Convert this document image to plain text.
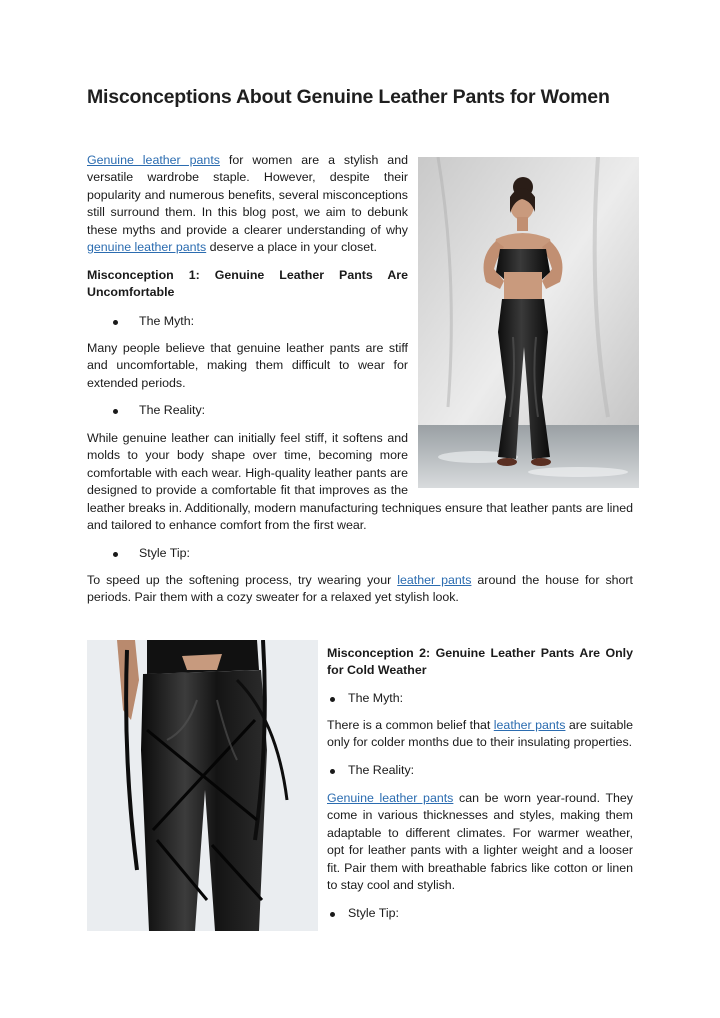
Misconceptions About Genuine Leather Pants for Women

Genuine leather pants for women are a stylish and versatile wardrobe staple. However, despite their popularity and numerous benefits, several misconceptions still surround them. In this blog post, we aim to debunk these myths and provide a clearer understanding of why genuine leather pants deserve a place in your closet.

Misconception 1: Genuine Leather Pants Are Uncomfortable

The Myth:

Many people believe that genuine leather pants are stiff and uncomfortable, making them difficult to wear for extended periods.

The Reality:

While genuine leather can initially feel stiff, it softens and molds to your body shape over time, becoming more comfortable with each wear. High-quality leather pants are designed to provide a comfortable fit that improves as the

leather breaks in. Additionally, modern manufacturing techniques ensure that leather pants are lined and tailored to enhance comfort from the first wear.

Style Tip:

To speed up the softening process, try wearing your leather pants around the house for short periods. Pair them with a cozy sweater for a relaxed yet stylish look.

Misconception 2: Genuine Leather Pants Are Only for Cold Weather

The Myth:

There is a common belief that leather pants are suitable only for colder months due to their insulating properties.

The Reality:

Genuine leather pants can be worn year-round. They come in various thicknesses and styles, making them adaptable to different climates. For warmer weather, opt for leather pants with a lighter weight and a looser fit. Pair them with breathable fabrics like cotton or linen to stay cool and stylish.

Style Tip:
